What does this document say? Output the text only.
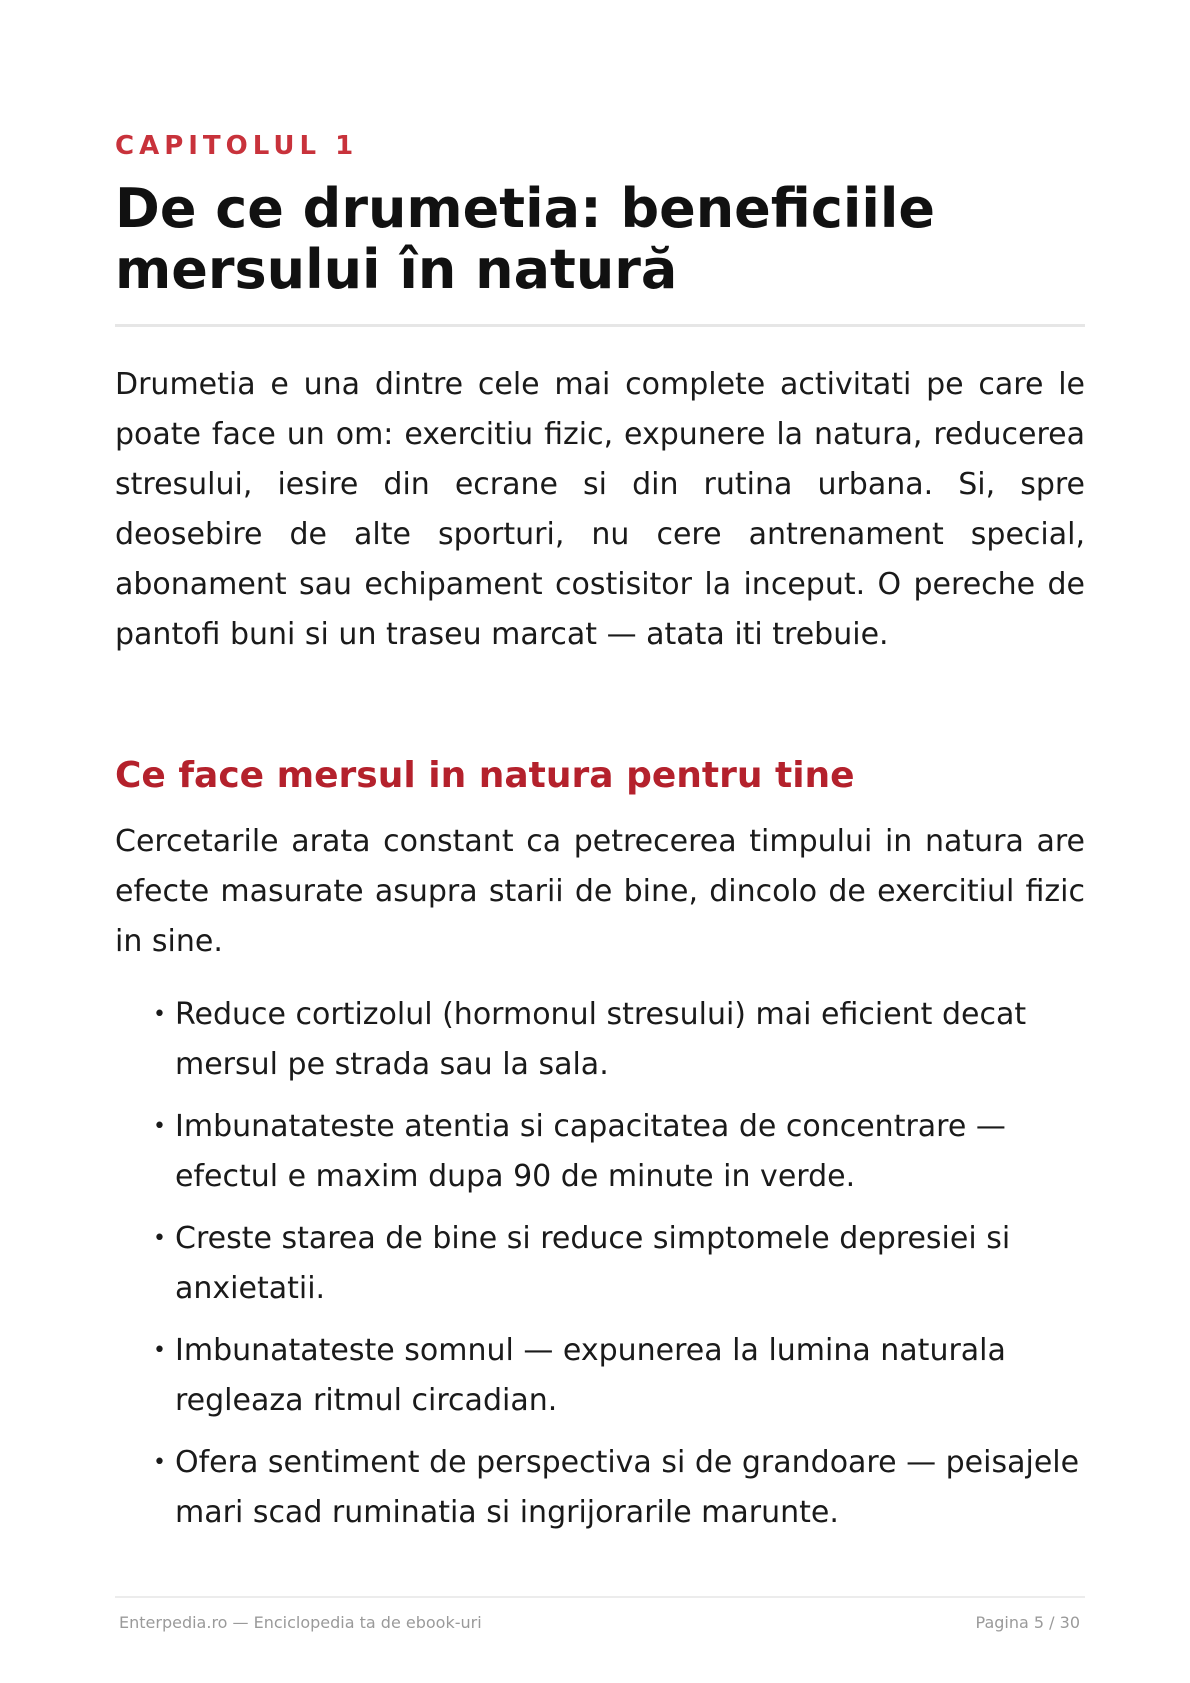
CAPITOLUL 1
De ce drumetia: beneficiile mersului în natură

Drumetia e una dintre cele mai complete activitati pe care le poate face un om: exercitiu fizic, expunere la natura, reducerea stresului, iesire din ecrane si din rutina urbana. Si, spre deosebire de alte sporturi, nu cere antrenament special, abonament sau echipament costisitor la inceput. O pereche de pantofi buni si un traseu marcat — atata iti trebuie.

Ce face mersul in natura pentru tine

Cercetarile arata constant ca petrecerea timpului in natura are efecte masurate asupra starii de bine, dincolo de exercitiul fizic in sine.

• Reduce cortizolul (hormonul stresului) mai eficient decat mersul pe strada sau la sala.
• Imbunatateste atentia si capacitatea de concentrare — efectul e maxim dupa 90 de minute in verde.
• Creste starea de bine si reduce simptomele depresiei si anxietatii.
• Imbunatateste somnul — expunerea la lumina naturala regleaza ritmul circadian.
• Ofera sentiment de perspectiva si de grandoare — peisajele mari scad ruminatia si ingrijorarile marunte.
Enterpedia.ro — Enciclopedia ta de ebook-uri	Pagina 5 / 30
